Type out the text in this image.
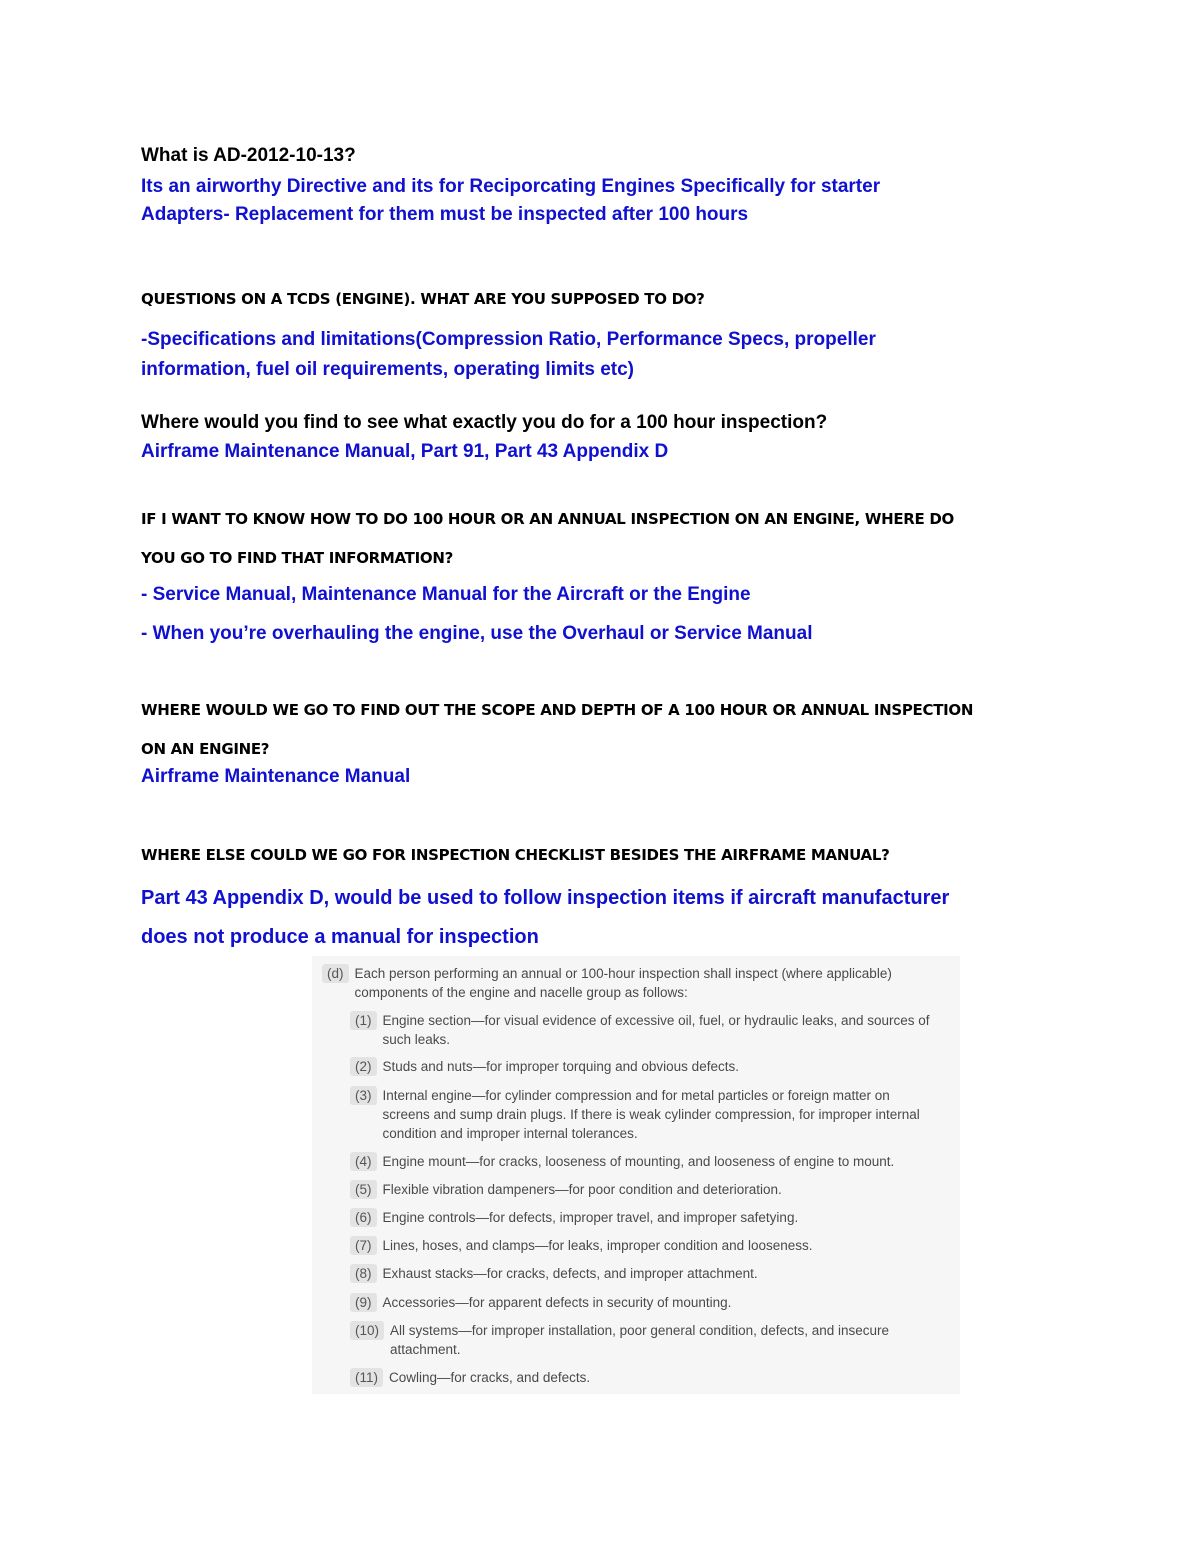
What is AD-2012-10-13?

Its an airworthy Directive and its for Reciporcating Engines Specifically for starter
Adapters- Replacement for them must be inspected after 100 hours

QUESTIONS ON A TCDS (ENGINE). WHAT ARE YOU SUPPOSED TO DO?

-Specifications and limitations(Compression Ratio, Performance Specs, propeller
information, fuel oil requirements, operating limits etc)

Where would you find to see what exactly you do for a 100 hour inspection?

Airframe Maintenance Manual, Part 91, Part 43 Appendix D

IF I WANT TO KNOW HOW TO DO 100 HOUR OR AN ANNUAL INSPECTION ON AN ENGINE, WHERE DO
YOU GO TO FIND THAT INFORMATION?

- Service Manual, Maintenance Manual for the Aircraft or the Engine
- When you’re overhauling the engine, use the Overhaul or Service Manual

WHERE WOULD WE GO TO FIND OUT THE SCOPE AND DEPTH OF A 100 HOUR OR ANNUAL INSPECTION
ON AN ENGINE?

Airframe Maintenance Manual

WHERE ELSE COULD WE GO FOR INSPECTION CHECKLIST BESIDES THE AIRFRAME MANUAL?

Part 43 Appendix D, would be used to follow inspection items if aircraft manufacturer
does not produce a manual for inspection

(d) Each person performing an annual or 100-hour inspection shall inspect (where applicable)
components of the engine and nacelle group as follows:
(1) Engine section—for visual evidence of excessive oil, fuel, or hydraulic leaks, and sources of
such leaks.
(2) Studs and nuts—for improper torquing and obvious defects.
(3) Internal engine—for cylinder compression and for metal particles or foreign matter on
screens and sump drain plugs. If there is weak cylinder compression, for improper internal
condition and improper internal tolerances.
(4) Engine mount—for cracks, looseness of mounting, and looseness of engine to mount.
(5) Flexible vibration dampeners—for poor condition and deterioration.
(6) Engine controls—for defects, improper travel, and improper safetying.
(7) Lines, hoses, and clamps—for leaks, improper condition and looseness.
(8) Exhaust stacks—for cracks, defects, and improper attachment.
(9) Accessories—for apparent defects in security of mounting.
(10) All systems—for improper installation, poor general condition, defects, and insecure
attachment.
(11) Cowling—for cracks, and defects.
